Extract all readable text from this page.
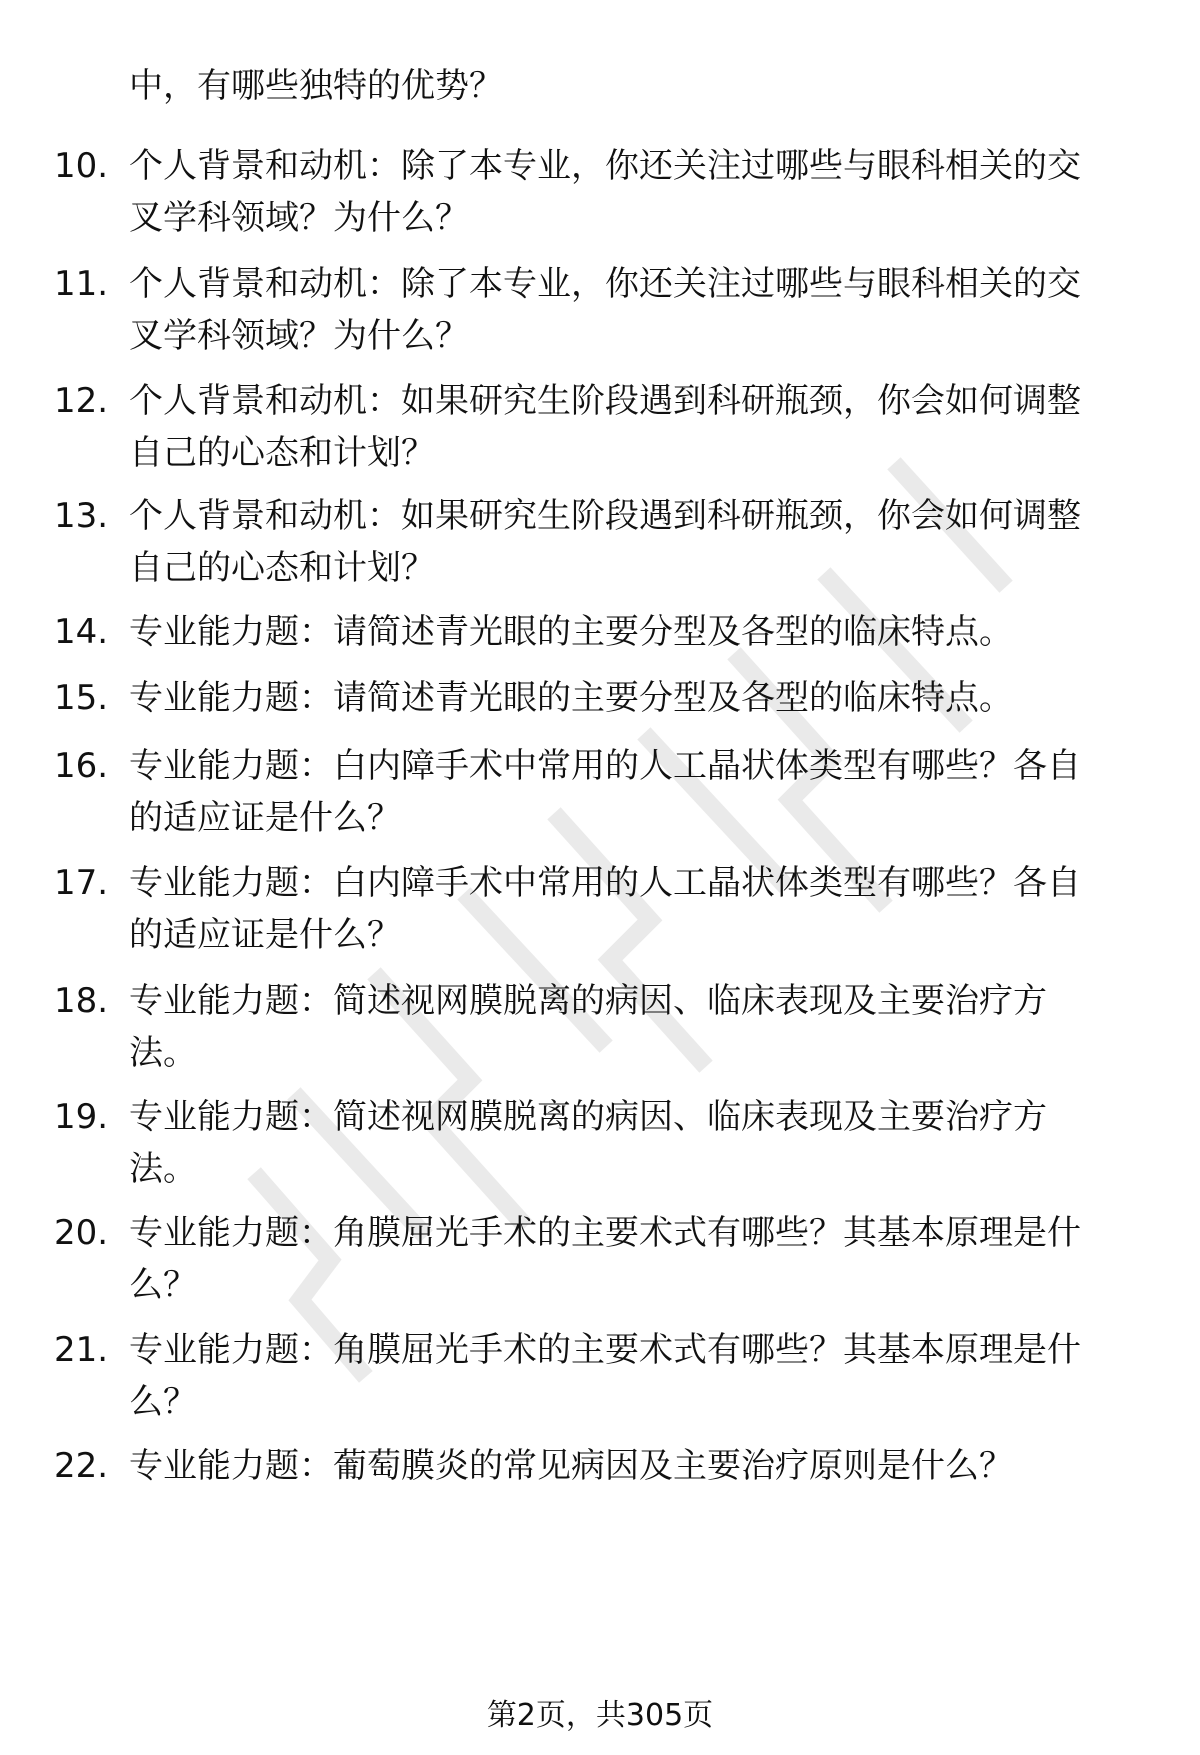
中，有哪些独特的优势？
10. 个人背景和动机：除了本专业，你还关注过哪些与眼科相关的交
叉学科领域？为什么？
11. 个人背景和动机：除了本专业，你还关注过哪些与眼科相关的交
叉学科领域？为什么？
12. 个人背景和动机：如果研究生阶段遇到科研瓶颈，你会如何调整
自己的心态和计划？
13. 个人背景和动机：如果研究生阶段遇到科研瓶颈，你会如何调整
自己的心态和计划？
14. 专业能力题：请简述青光眼的主要分型及各型的临床特点。
15. 专业能力题：请简述青光眼的主要分型及各型的临床特点。
16. 专业能力题：白内障手术中常用的人工晶状体类型有哪些？各自
的适应证是什么？
17. 专业能力题：白内障手术中常用的人工晶状体类型有哪些？各自
的适应证是什么？
18. 专业能力题：简述视网膜脱离的病因、临床表现及主要治疗方
法。
19. 专业能力题：简述视网膜脱离的病因、临床表现及主要治疗方
法。
20. 专业能力题：角膜屈光手术的主要术式有哪些？其基本原理是什
么？
21. 专业能力题：角膜屈光手术的主要术式有哪些？其基本原理是什
么？
22. 专业能力题：葡萄膜炎的常见病因及主要治疗原则是什么？
第2页，共305页
